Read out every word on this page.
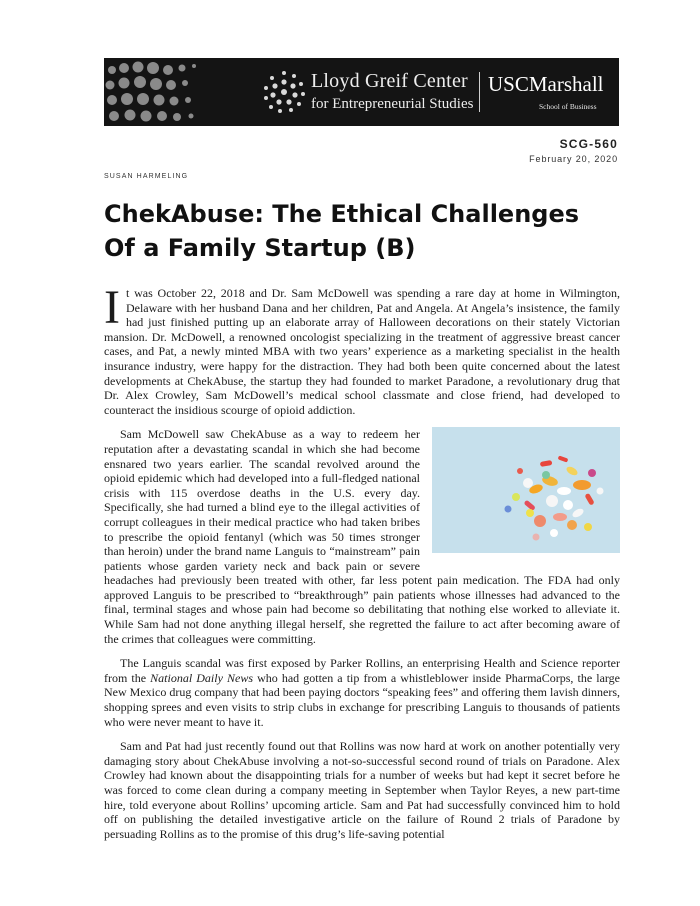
Lloyd Greif Center
for Entrepreneurial Studies
USCMarshall
School of Business
SCG-560
February 20, 2020
SUSAN HARMELING
ChekAbuse: The Ethical Challenges
Of a Family Startup (B)

It was October 22, 2018 and Dr. Sam McDowell was spending a rare day at home in Wilmington, Delaware with her husband Dana and her children, Pat and Angela. At Angela’s insistence, the family had just finished putting up an elaborate array of Halloween decorations on their stately Victorian mansion. Dr. McDowell, a renowned oncologist specializing in the treatment of aggressive breast cancer cases, and Pat, a newly minted MBA with two years’ experience as a marketing specialist in the health insurance industry, were happy for the distraction. They had both been quite concerned about the latest developments at ChekAbuse, the startup they had founded to market Paradone, a revolutionary drug that Dr. Alex Crowley, Sam McDowell’s medical school classmate and close friend, had developed to counteract the insidious scourge of opioid addiction.

Sam McDowell saw ChekAbuse as a way to redeem her reputation after a devastating scandal in which she had become ensnared two years earlier. The scandal revolved around the opioid epidemic which had developed into a full-fledged national crisis with 115 overdose deaths in the U.S. every day. Specifically, she had turned a blind eye to the illegal activities of corrupt colleagues in their medical practice who had taken bribes to prescribe the opioid fentanyl (which was 50 times stronger than heroin) under the brand name Languis to “mainstream” pain patients whose garden variety neck and back pain or severe headaches had previously been treated with other, far less potent pain medication. The FDA had only approved Languis to be prescribed to “breakthrough” pain patients whose illnesses had advanced to the final, terminal stages and whose pain had become so debilitating that nothing else worked to alleviate it. While Sam had not done anything illegal herself, she regretted the failure to act after becoming aware of the crimes that colleagues were committing.

The Languis scandal was first exposed by Parker Rollins, an enterprising Health and Science reporter from the National Daily News who had gotten a tip from a whistleblower inside PharmaCorps, the large New Mexico drug company that had been paying doctors “speaking fees” and offering them lavish dinners, shopping sprees and even visits to strip clubs in exchange for prescribing Languis to thousands of patients who were never meant to have it.

Sam and Pat had just recently found out that Rollins was now hard at work on another potentially very damaging story about ChekAbuse involving a not-so-successful second round of trials on Paradone. Alex Crowley had known about the disappointing trials for a number of weeks but had kept it secret before he was forced to come clean during a company meeting in September when Taylor Reyes, a new part-time hire, told everyone about Rollins’ upcoming article. Sam and Pat had successfully convinced him to hold off on publishing the detailed investigative article on the failure of Round 2 trials of Paradone by persuading Rollins as to the promise of this drug’s life-saving potential
